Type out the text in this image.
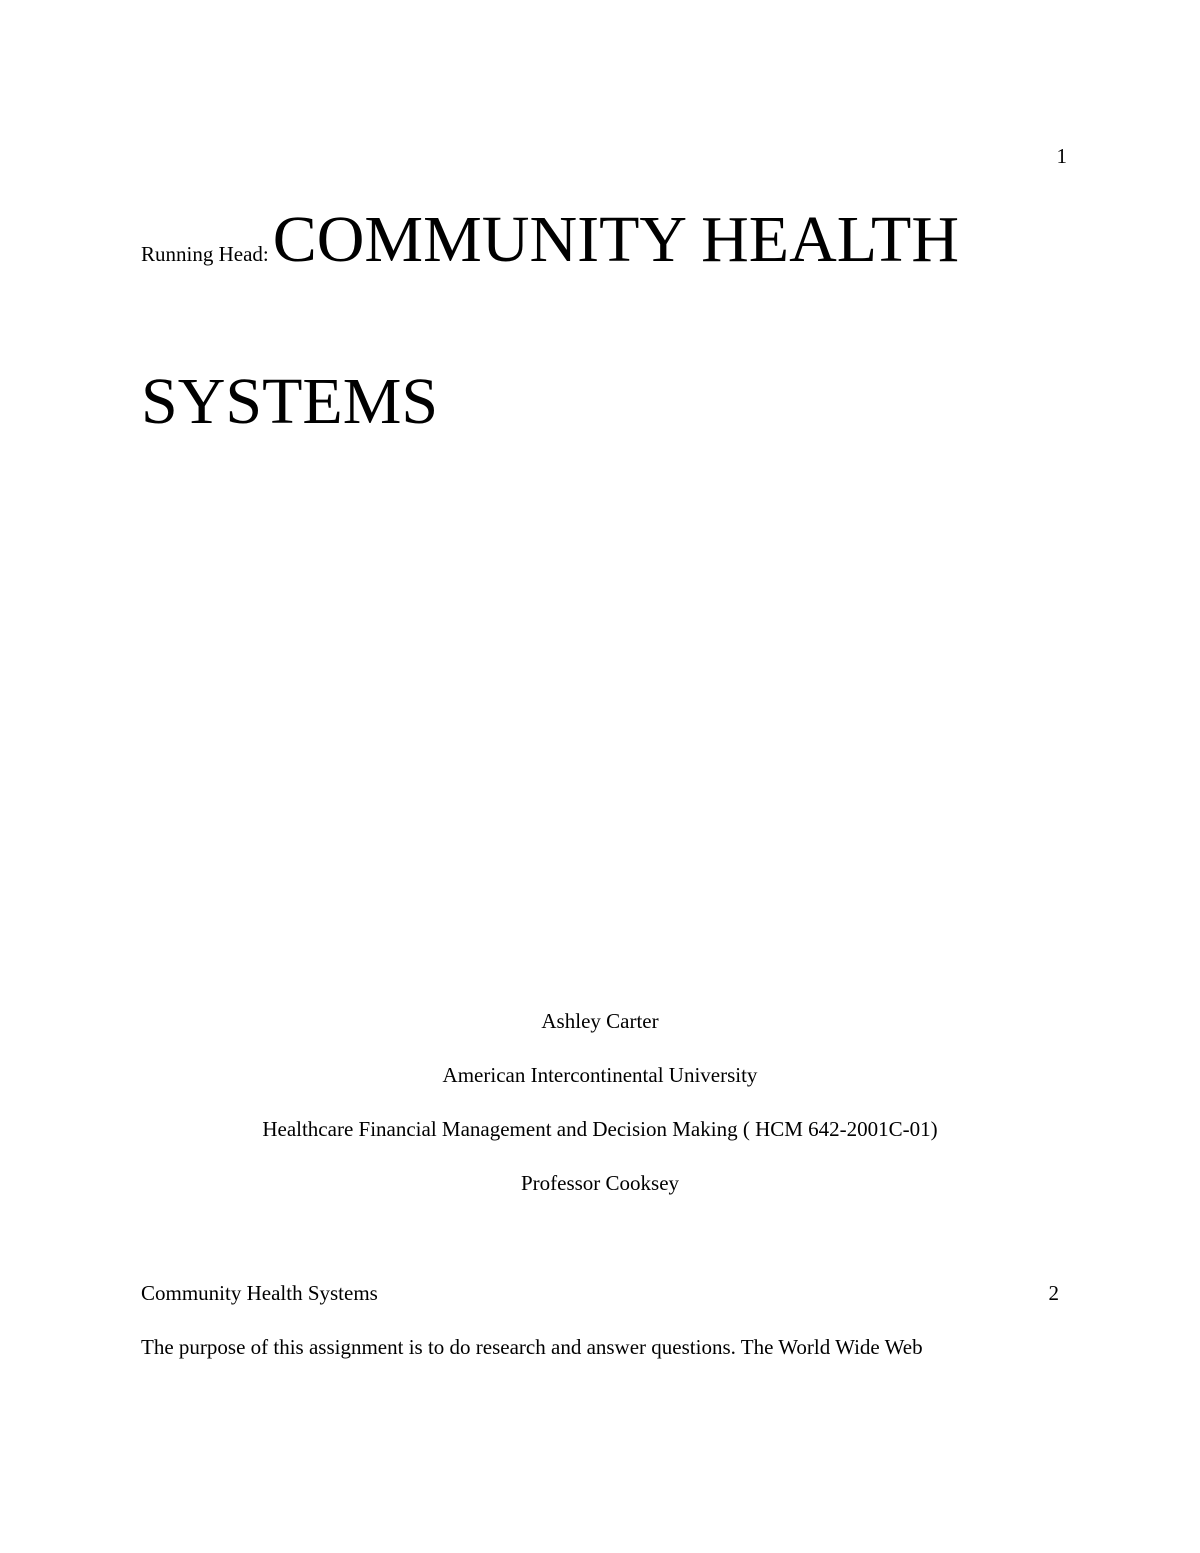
1
Running Head: COMMUNITY HEALTH
SYSTEMS
Ashley Carter
American Intercontinental University
Healthcare Financial Management and Decision Making ( HCM 642-2001C-01)
Professor Cooksey
Community Health Systems	2
The purpose of this assignment is to do research and answer questions. The World Wide Web
